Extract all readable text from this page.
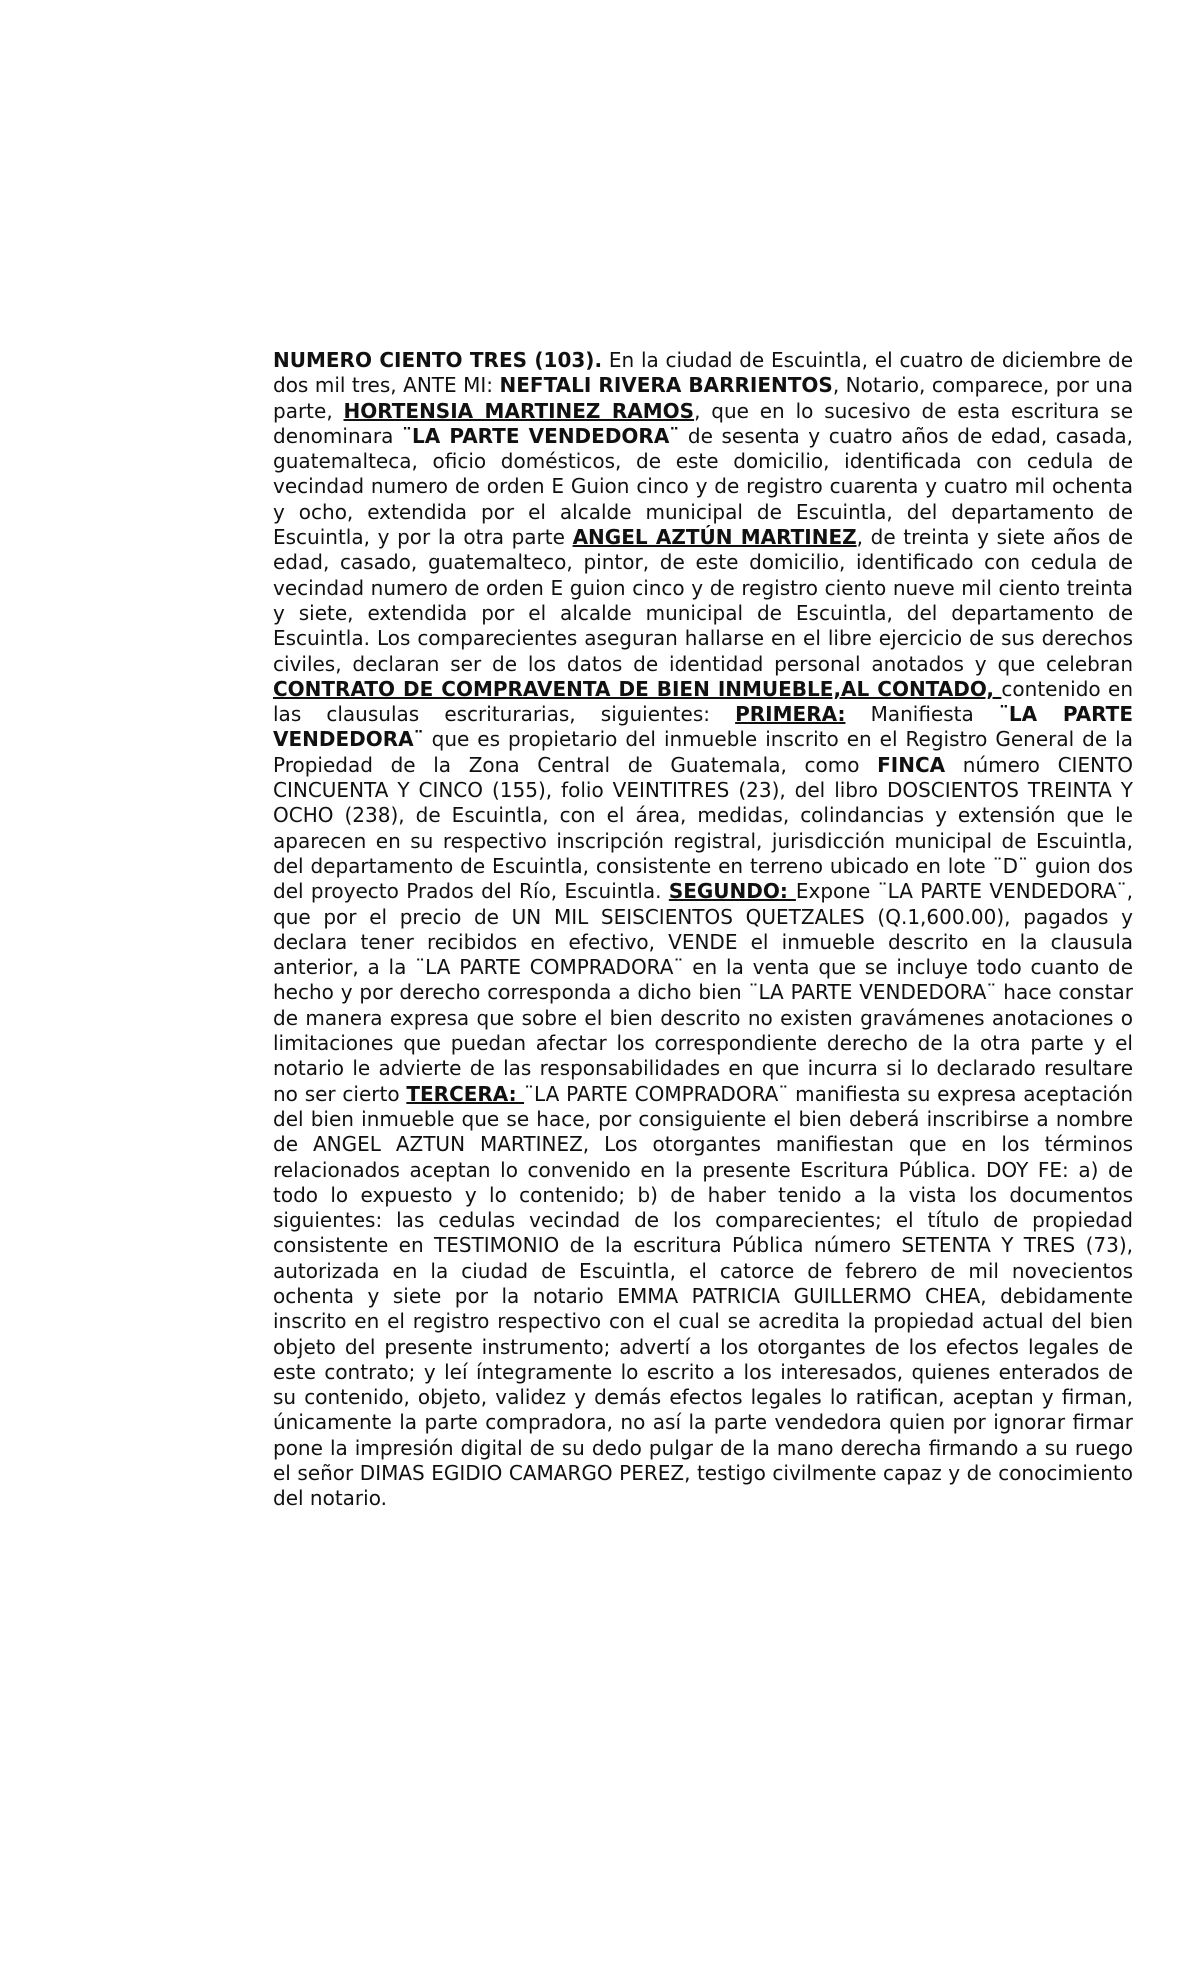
NUMERO CIENTO TRES (103). En la ciudad de Escuintla, el cuatro de diciembre de dos mil tres, ANTE MI: NEFTALI RIVERA BARRIENTOS, Notario, comparece, por una parte, HORTENSIA MARTINEZ RAMOS, que en lo sucesivo de esta escritura se denominara ¨LA PARTE VENDEDORA¨ de sesenta y cuatro años de edad, casada, guatemalteca, oficio domésticos, de este domicilio, identificada con cedula de vecindad numero de orden E Guion cinco y de registro cuarenta y cuatro mil ochenta y ocho, extendida por el alcalde municipal de Escuintla, del departamento de Escuintla, y por la otra parte ANGEL AZTÚN MARTINEZ, de treinta y siete años de edad, casado, guatemalteco, pintor, de este domicilio, identificado con cedula de vecindad numero de orden E guion cinco y de registro ciento nueve mil ciento treinta y siete, extendida por el alcalde municipal de Escuintla, del departamento de Escuintla. Los comparecientes aseguran hallarse en el libre ejercicio de sus derechos civiles, declaran ser de los datos de identidad personal anotados y que celebran CONTRATO DE COMPRAVENTA DE BIEN INMUEBLE,AL CONTADO, contenido en las clausulas escriturarias, siguientes: PRIMERA: Manifiesta ¨LA PARTE VENDEDORA¨ que es propietario del inmueble inscrito en el Registro General de la Propiedad de la Zona Central de Guatemala, como FINCA número CIENTO CINCUENTA Y CINCO (155), folio VEINTITRES (23), del libro DOSCIENTOS TREINTA Y OCHO (238), de Escuintla, con el área, medidas, colindancias y extensión que le aparecen en su respectivo inscripción registral, jurisdicción municipal de Escuintla, del departamento de Escuintla, consistente en terreno ubicado en lote ¨D¨ guion dos del proyecto Prados del Río, Escuintla. SEGUNDO: Expone ¨LA PARTE VENDEDORA¨, que por el precio de UN MIL SEISCIENTOS QUETZALES (Q.1,600.00), pagados y declara tener recibidos en efectivo, VENDE el inmueble descrito en la clausula anterior, a la ¨LA PARTE COMPRADORA¨ en la venta que se incluye todo cuanto de hecho y por derecho corresponda a dicho bien ¨LA PARTE VENDEDORA¨ hace constar de manera expresa que sobre el bien descrito no existen gravámenes anotaciones o limitaciones que puedan afectar los correspondiente derecho de la otra parte y el notario le advierte de las responsabilidades en que incurra si lo declarado resultare no ser cierto TERCERA: ¨LA PARTE COMPRADORA¨ manifiesta su expresa aceptación del bien inmueble que se hace, por consiguiente el bien deberá inscribirse a nombre de ANGEL AZTUN MARTINEZ, Los otorgantes manifiestan que en los términos relacionados aceptan lo convenido en la presente Escritura Pública. DOY FE: a) de todo lo expuesto y lo contenido; b) de haber tenido a la vista los documentos siguientes: las cedulas vecindad de los comparecientes; el título de propiedad consistente en TESTIMONIO de la escritura Pública número SETENTA Y TRES (73), autorizada en la ciudad de Escuintla, el catorce de febrero de mil novecientos ochenta y siete por la notario EMMA PATRICIA GUILLERMO CHEA, debidamente inscrito en el registro respectivo con el cual se acredita la propiedad actual del bien objeto del presente instrumento; advertí a los otorgantes de los efectos legales de este contrato; y leí íntegramente lo escrito a los interesados, quienes enterados de su contenido, objeto, validez y demás efectos legales lo ratifican, aceptan y firman, únicamente la parte compradora, no así la parte vendedora quien por ignorar firmar pone la impresión digital de su dedo pulgar de la mano derecha firmando a su ruego el señor DIMAS EGIDIO CAMARGO PEREZ, testigo civilmente capaz y de conocimiento del notario.
